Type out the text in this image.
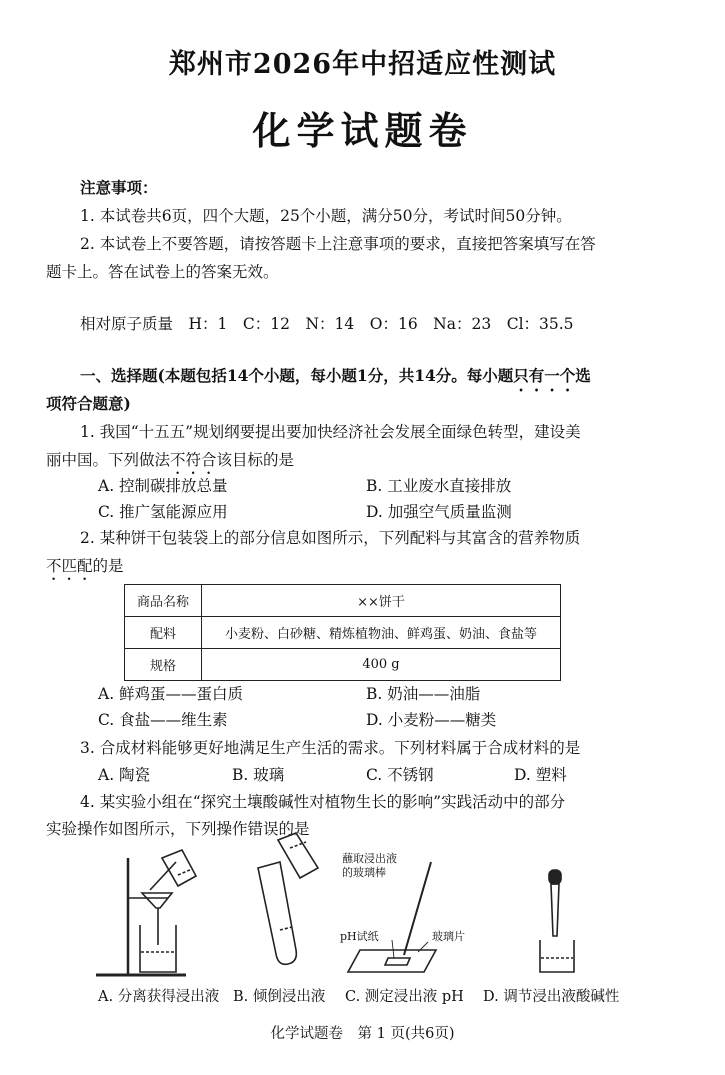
郑州市2026年中招适应性测试
化学试题卷
注意事项：
1. 本试卷共6页，四个大题，25个小题，满分50分，考试时间50分钟。
2. 本试卷上不要答题，请按答题卡上注意事项的要求，直接把答案填写在答
题卡上。答在试卷上的答案无效。
相对原子质量　H：1　C：12　N：14　O：16　Na：23　Cl：35.5
一、选择题(本题包括14个小题，每小题1分，共14分。每小题只有一个选
项符合题意)
1. 我国“十五五”规划纲要提出要加快经济社会发展全面绿色转型，建设美
丽中国。下列做法不符合该目标的是
A. 控制碳排放总量	B. 工业废水直接排放
C. 推广氢能源应用	D. 加强空气质量监测
2. 某种饼干包装袋上的部分信息如图所示，下列配料与其富含的营养物质
不匹配的是
商品名称	××饼干
配料	小麦粉、白砂糖、精炼植物油、鲜鸡蛋、奶油、食盐等
规格	400 g
A. 鲜鸡蛋——蛋白质	B. 奶油——油脂
C. 食盐——维生素	D. 小麦粉——糖类
3. 合成材料能够更好地满足生产生活的需求。下列材料属于合成材料的是
A. 陶瓷	B. 玻璃	C. 不锈钢	D. 塑料
4. 某实验小组在“探究土壤酸碱性对植物生长的影响”实践活动中的部分
实验操作如图所示，下列操作错误的是
蘸取浸出液
的玻璃棒
pH试纸	玻璃片
A. 分离获得浸出液 B. 倾倒浸出液 C. 测定浸出液 pH D. 调节浸出液酸碱性
化学试题卷　第 1 页(共6页)
